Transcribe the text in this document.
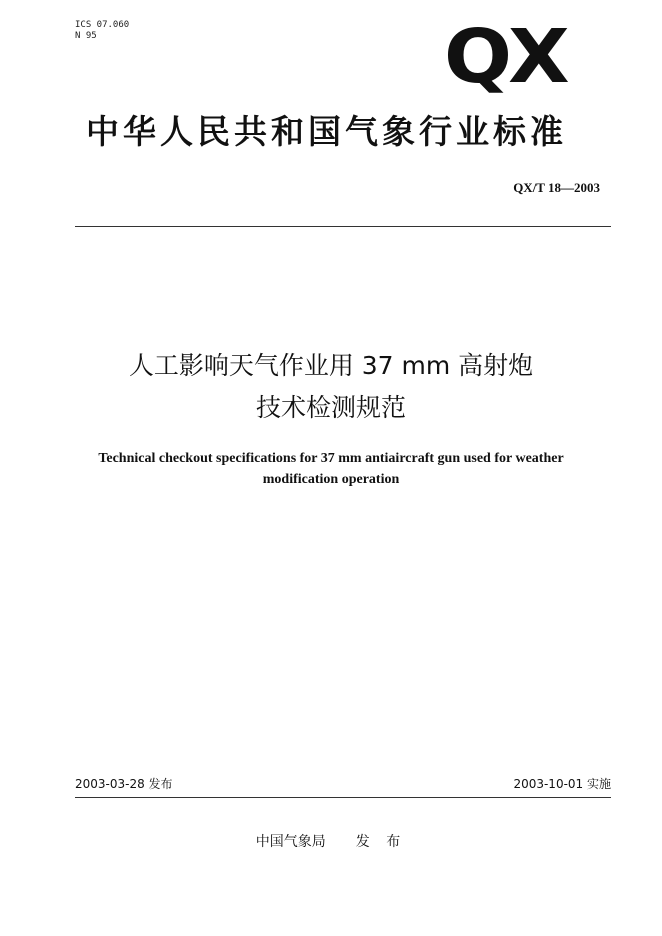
ICS 07.060
N 95	QX
中华人民共和国气象行业标准
QX/T 18—2003
人工影响天气作业用 37 mm 高射炮
技术检测规范
Technical checkout specifications for 37 mm antiaircraft gun used for weather
modification operation
2003-03-28 发布	2003-10-01 实施
中国气象局 发 布
